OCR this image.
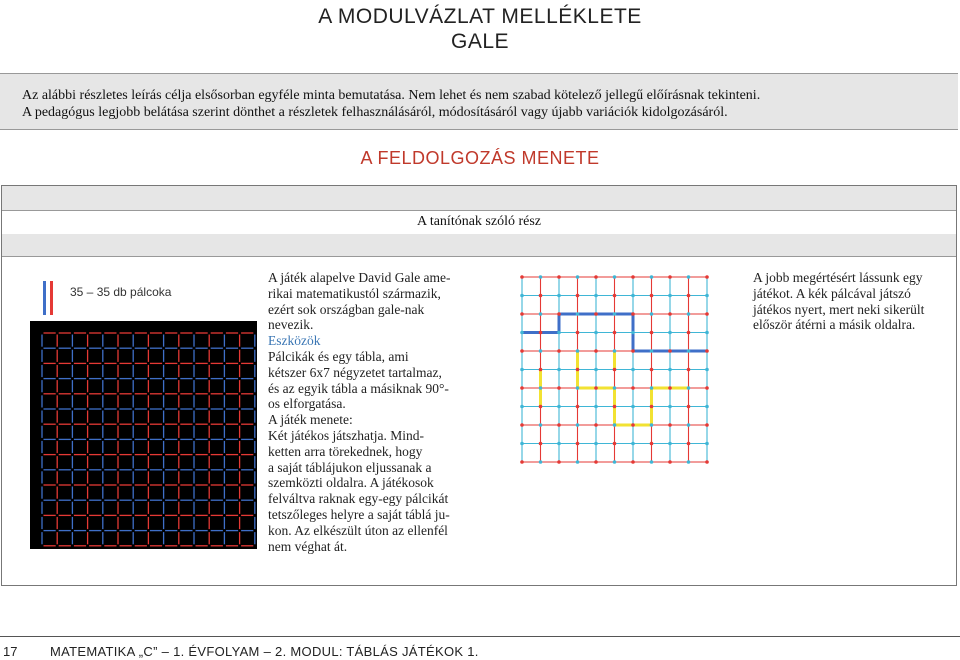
A MODULVÁZLAT MELLÉKLETE
GALE
Az alábbi részletes leírás célja elsősorban egyféle minta bemutatása. Nem lehet és nem szabad kötelező jellegű előírásnak tekinteni.
A pedagógus legjobb belátása szerint dönthet a részletek felhasználásáról, módosításáról vagy újabb variációk kidolgozásáról.
A FELDOLGOZÁS MENETE
A tanítónak szóló rész
35 – 35 db pálcoka

A játék alapelve David Gale ame-

rikai matematikustól származik,

ezért sok országban gale-nak

nevezik.

Eszközök

Pálcikák és egy tábla, ami

kétszer 6x7 négyzetet tartalmaz,

és az egyik tábla a másiknak 90°-

os elforgatása.

A játék menete:

Két játékos játszhatja. Mind-

ketten arra törekednek, hogy

a saját táblájukon eljussanak a

szemközti oldalra. A játékosok

felváltva raknak egy-egy pálcikát

tetszőleges helyre a saját táblá ju-

kon. Az elkészült úton az ellenfél

nem véghat át.

A jobb megértésért lássunk egy
játékot. A kék pálcával játszó
játékos nyert, mert neki sikerült
először átérni a másik oldalra.
17	MATEMATIKA „C” – 1. ÉVFOLYAM – 2. MODUL: TÁBLÁS JÁTÉKOK 1.
